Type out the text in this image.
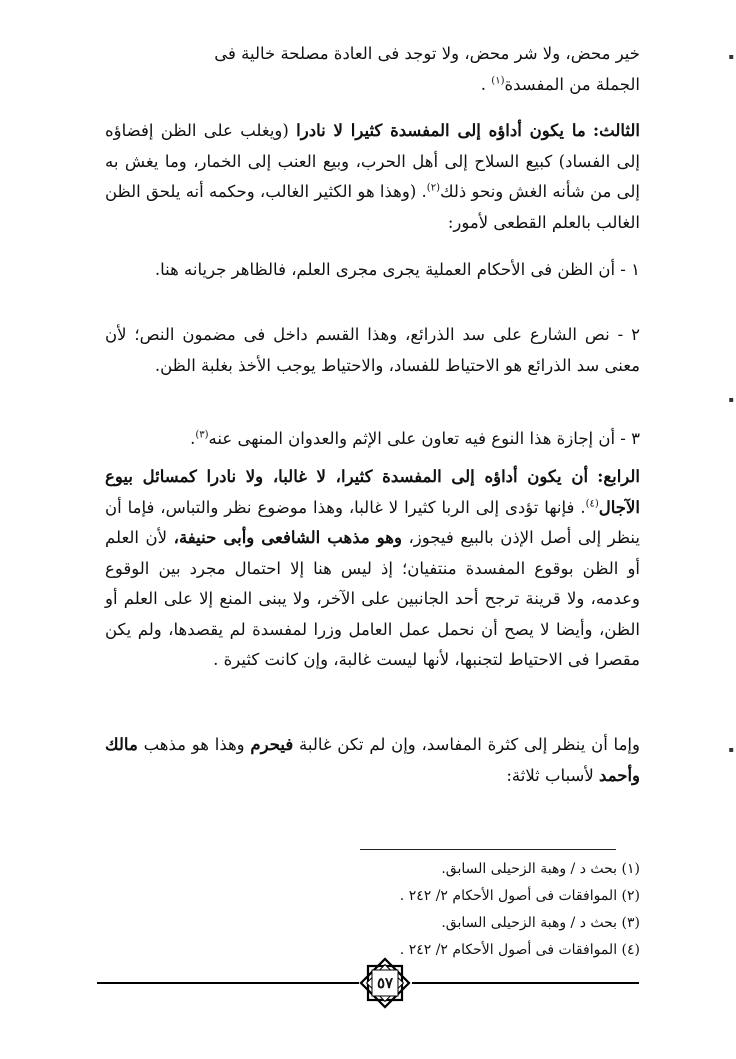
▪
▪
▪

خير محض، ولا شر محض، ولا توجد فى العادة مصلحة خالية فى
الجملة من المفسدة$^{(١)}$ .

الثالث: ما يكون أداؤه إلى المفسدة كثيرا لا نادرا (ويغلب على الظن إفضاؤه إلى الفساد) كبيع السلاح إلى أهل الحرب، وبيع العنب إلى الخمار، وما يغش به إلى من شأنه الغش ونحو ذلك$^{(٢)}$. (وهذا هو الكثير الغالب، وحكمه أنه يلحق الظن الغالب بالعلم القطعى لأمور:

١ - أن الظن فى الأحكام العملية يجرى مجرى العلم، فالظاهر جريانه هنا.

٢ - نص الشارع على سد الذرائع، وهذا القسم داخل فى مضمون النص؛ لأن معنى سد الذرائع هو الاحتياط للفساد، والاحتياط يوجب الأخذ بغلبة الظن.

٣ - أن إجازة هذا النوع فيه تعاون على الإثم والعدوان المنهى عنه$^{(٣)}$.

الرابع: أن يكون أداؤه إلى المفسدة كثيرا، لا غالبا، ولا نادرا كمسائل بيوع الآجال$^{(٤)}$. فإنها تؤدى إلى الربا كثيرا لا غالبا، وهذا موضوع نظر والتباس، فإما أن ينظر إلى أصل الإذن بالبيع فيجوز، وهو مذهب الشافعى وأبى حنيفة، لأن العلم أو الظن بوقوع المفسدة منتفيان؛ إذ ليس هنا إلا احتمال مجرد بين الوقوع وعدمه، ولا قرينة ترجح أحد الجانبين على الآخر، ولا يبنى المنع إلا على العلم أو الظن، وأيضا لا يصح أن نحمل عمل العامل وزرا لمفسدة لم يقصدها، ولم يكن مقصرا فى الاحتياط لتجنبها، لأنها ليست غالبة، وإن كانت كثيرة .

وإما أن ينظر إلى كثرة المفاسد، وإن لم تكن غالبة فيحرم وهذا هو مذهب مالك وأحمد لأسباب ثلاثة:

(١) بحث د / وهبة الزحيلى السابق.

(٢) الموافقات فى أصول الأحكام ٢/ ٢٤٢ .

(٣) بحث د / وهبة الزحيلى السابق.

(٤) الموافقات فى أصول الأحكام ٢/ ٢٤٢ .

٥٧
